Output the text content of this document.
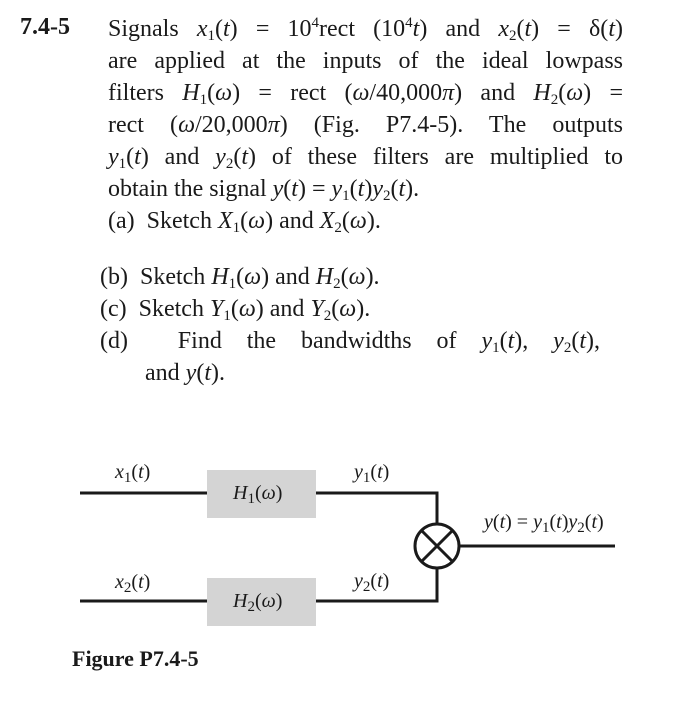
7.4-5 Signals $x_1(t)$ = $10^4rect$ $(10^4t)$ and $x_2(t) = \delta(t)$
are applied at the inputs of the ideal lowpass
filters $H_1(\omega)$ = rect (ω/40,000π) and $H_2(\omega)$ =
rect (ω/20,000π) (Fig. P7.4-5). The outputs
$y_1(t)$ and $y_2(t)$ of these filters are multiplied to
obtain the signal $y(t) = y_1(t)y_2(t)$.
(a)  Sketch $X_1(\omega)$ and $X_2(\omega)$.
(b)  Sketch $H_1(\omega)$ and $H_2(\omega)$.
(c)  Sketch $Y_1(\omega)$ and $Y_2(\omega)$.
(d)  Find the bandwidths of $y_1(t)$, $y_2(t)$,
and y(t).
$x_1(t)$
$H_1(\omega)$
$y_1(t)$
$y(t) = y_1(t)y_2(t)$
$x_2(t)$
$H_2(\omega)$
$y_2(t)$
Figure P7.4-5
